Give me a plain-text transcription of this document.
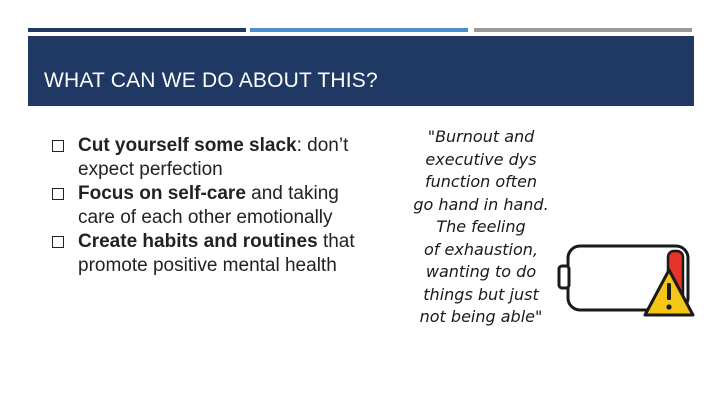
WHAT CAN WE DO ABOUT THIS?
Cut yourself some slack: don’t expect perfection
Focus on self-care and taking care of each other emotionally
Create habits and routines that promote positive mental health
"Burnout and
executive dys
function often
go hand in hand.
The feeling
of exhaustion,
wanting to do
things but just
not being able"
